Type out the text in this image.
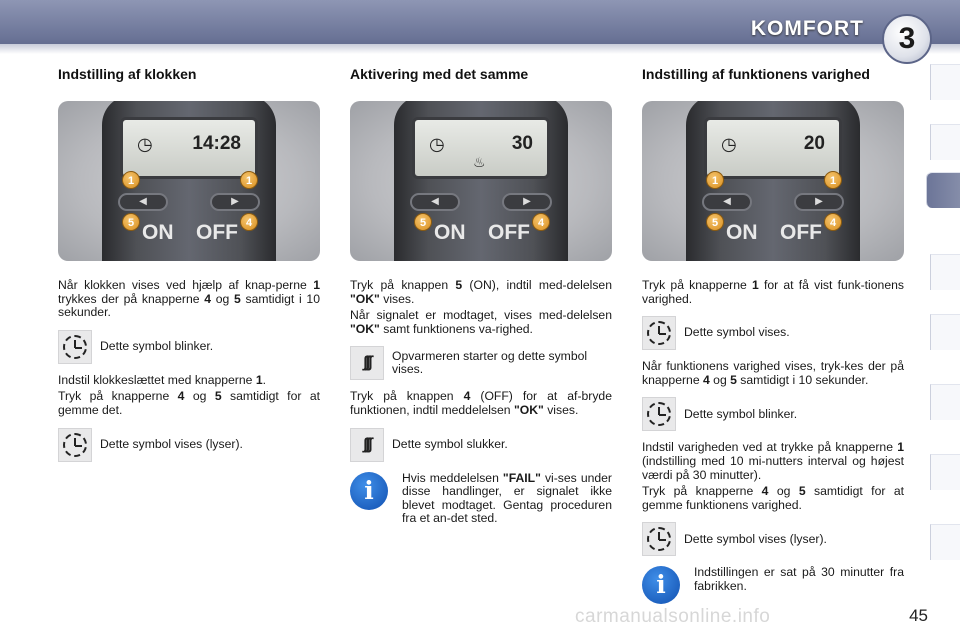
KOMFORT	3
Indstilling af klokken
◷ 14:28
◀	▶
ON OFF
1	1
5	4

Når klokken vises ved hjælp af knap-perne 1 trykkes der på knapperne 4 og 5 samtidigt i 10 sekunder.

Dette symbol blinker.

Indstil klokkeslættet med knapperne 1.

Tryk på knapperne 4 og 5 samtidigt for at gemme det.

Dette symbol vises (lyser).
Aktivering med det samme
◷	30
♨
◀	▶
ON OFF
5	4

Tryk på knappen 5 (ON), indtil med-delelsen "OK" vises.

Når signalet er modtaget, vises med-delelsen "OK" samt funktionens va-righed.

∫∫∫ Opvarmeren starter og dette symbol vises.

Tryk på knappen 4 (OFF) for at af-bryde funktionen, indtil meddelelsen "OK" vises.

∫∫∫ Dette symbol slukker.
i	Hvis meddelelsen "FAIL" vi-ses under disse handlinger, er signalet ikke blevet modtaget. Gentag proceduren fra et an-det sted.
Indstilling af funktionens varighed
◷	20
◀	▶
ON OFF
1	1
5	4

Tryk på knapperne 1 for at få vist funk-tionens varighed.

Dette symbol vises.

Når funktionens varighed vises, tryk-kes der på knapperne 4 og 5 samtidigt i 10 sekunder.

Dette symbol blinker.

Indstil varigheden ved at trykke på knapperne 1 (indstilling med 10 mi-nutters interval og højest værdi på 30 minutter).

Tryk på knapperne 4 og 5 samtidigt for at gemme funktionens varighed.

Dette symbol vises (lyser).
i	Indstillingen er sat på 30 minutter fra fabrikken.
carmanualsonline.info	45
